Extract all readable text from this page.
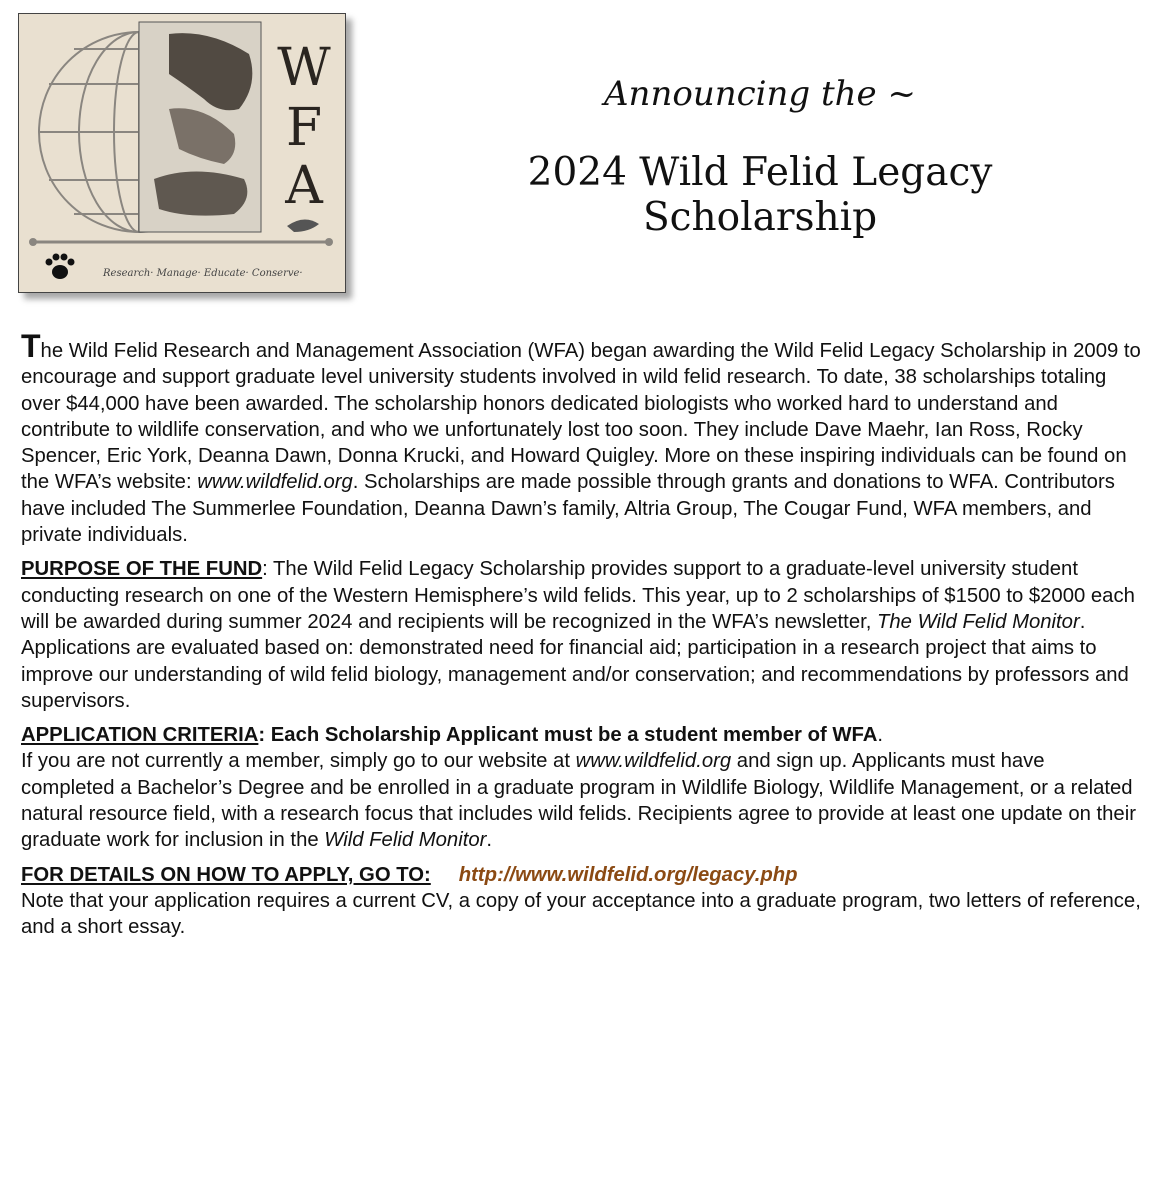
W
F
A
Research· Manage· Educate· Conserve·
Announcing the ~
2024 Wild Felid Legacy Scholarship

The Wild Felid Research and Management Association (WFA) began awarding the Wild Felid Legacy Scholarship in 2009 to encourage and support graduate level university students involved in wild felid research. To date, 38 scholarships totaling over $44,000 have been awarded. The scholarship honors dedicated biologists who worked hard to understand and contribute to wildlife conservation, and who we unfortunately lost too soon. They include Dave Maehr, Ian Ross, Rocky Spencer, Eric York, Deanna Dawn, Donna Krucki, and Howard Quigley. More on these inspiring individuals can be found on the WFA’s website: www.wildfelid.org. Scholarships are made possible through grants and donations to WFA. Contributors have included The Summerlee Foundation, Deanna Dawn’s family, Altria Group, The Cougar Fund, WFA members, and private individuals.

PURPOSE OF THE FUND: The Wild Felid Legacy Scholarship provides support to a graduate-level university student conducting research on one of the Western Hemisphere’s wild felids. This year, up to 2 scholarships of $1500 to $2000 each will be awarded during summer 2024 and recipients will be recognized in the WFA’s newsletter, The Wild Felid Monitor. Applications are evaluated based on: demonstrated need for financial aid; participation in a research project that aims to improve our understanding of wild felid biology, management and/or conservation; and recommendations by professors and supervisors.

APPLICATION CRITERIA: Each Scholarship Applicant must be a student member of WFA.
If you are not currently a member, simply go to our website at www.wildfelid.org and sign up. Applicants must have completed a Bachelor’s Degree and be enrolled in a graduate program in Wildlife Biology, Wildlife Management, or a related natural resource field, with a research focus that includes wild felids. Recipients agree to provide at least one update on their graduate work for inclusion in the Wild Felid Monitor.

FOR DETAILS ON HOW TO APPLY, GO TO: http://www.wildfelid.org/legacy.php
Note that your application requires a current CV, a copy of your acceptance into a graduate program, two letters of reference, and a short essay.
